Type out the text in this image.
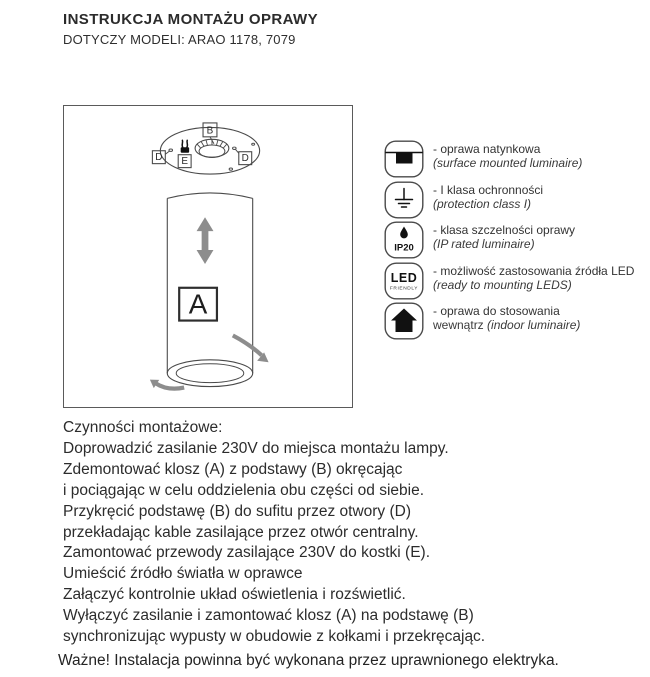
INSTRUKCJA MONTAŻU OPRAWY
DOTYCZY MODELI: ARAO 1178, 7079
B
D E	D
A
- oprawa natynkowa
(surface mounted luminaire)
- I klasa ochronności
(protection class I)
IP20
- klasa szczelności oprawy
(IP rated luminaire)
LED
FRIENDLY
- możliwość zastosowania źródła LED
(ready to mounting LEDS)
- oprawa do stosowania
wewnątrz (indoor luminaire)
Czynności montażowe:
Doprowadzić zasilanie 230V do miejsca montażu lampy.
Zdemontować klosz (A) z podstawy (B) okręcając
i pociągając w celu oddzielenia obu części od siebie.
Przykręcić podstawę (B) do sufitu przez otwory (D)
przekładając kable zasilające przez otwór centralny.
Zamontować przewody zasilające 230V do kostki (E).
Umieścić źródło światła w oprawce
Załączyć kontrolnie układ oświetlenia i rozświetlić.
Wyłączyć zasilanie i zamontować klosz (A) na podstawę (B)
synchronizując wypusty w obudowie z kołkami i przekręcając.
Ważne! Instalacja powinna być wykonana przez uprawnionego elektryka.
